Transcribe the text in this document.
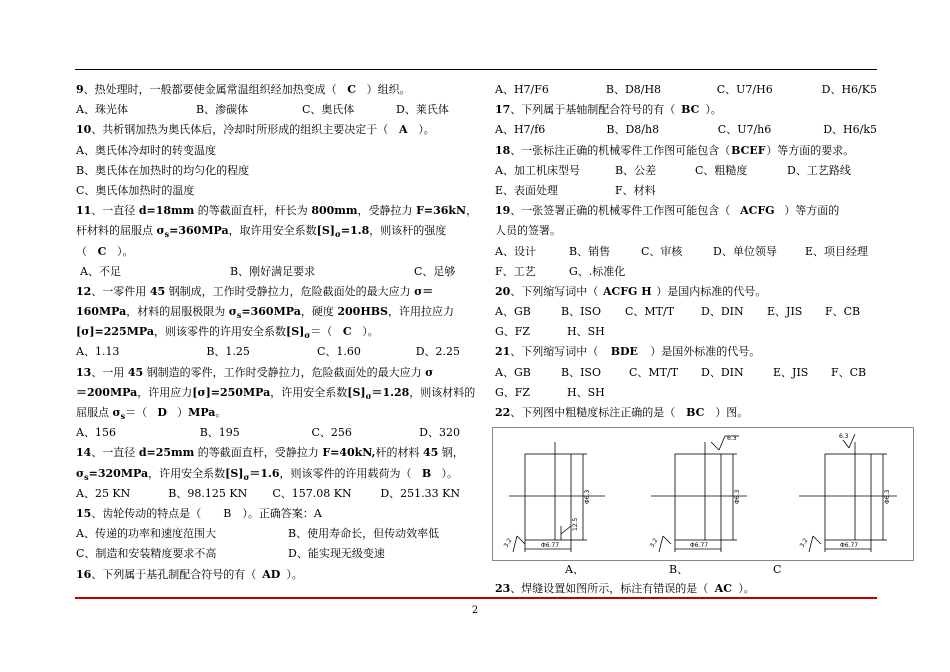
9、热处理时，一般都要使金属常温组织经加热变成（ C ）组织。
A、珠光体	B、渗碳体	C、奥氏体	D、莱氏体
10、共析钢加热为奥氏体后，冷却时所形成的组织主要决定于（ A ）。
A、奥氏体冷却时的转变温度
B、奥氏体在加热时的均匀化的程度
C、奥氏体加热时的温度
11、一直径 d=18mm 的等截面直杆，杆长为 800mm，受静拉力 F=36kN，
杆材料的屈服点 $\sigma_s=360MPa$，取许用安全系数$[S]_\sigma=1.8$，则该杆的强度
（ C ）。
A、不足	B、刚好满足要求	C、足够
12、一零件用 45 钢制成，工作时受静拉力，危险截面处的最大应力 σ＝
160MPa，材料的屈服极限为 $\sigma_s=360MPa$，硬度 200HBS，许用拉应力
[σ]=225MPa，则该零件的许用安全系数$[S]_\sigma=$（ C ）。
A、1.13	B、1.25	C、1.60	D、2.25
13、一用 45 钢制造的零件，工作时受静拉力，危险截面处的最大应力 σ
＝200MPa，许用应力[σ]=250MPa，许用安全系数$[S]_\sigma=1.28$，则该材料的
屈服点 $\sigma_s=$（ D ）MPa。
A、156	B、195	C、256	D、320
14、一直径 d=25mm 的等截面直杆，受静拉力 F=40kN,杆的材料 45 钢，
$\sigma_s=320MPa$，许用安全系数$[S]_\sigma=1.6$，则该零件的许用载荷为（ B ）。
A、25 KN	B、98.125 KN	C、157.08 KN	D、251.33 KN
15、齿轮传动的特点是（　　B　）。正确答案：A
A、传递的功率和速度范围大	B、使用寿命长，但传动效率低
C、制造和安装精度要求不高	D、能实现无级变速
16、下列属于基孔制配合符号的有（ AD ）。
A、H7/F6	B、D8/H8	C、U7/H6	D、H6/K5
17、下列属于基轴制配合符号的有（ BC ）。
A、H7/f6	B、D8/h8	C、U7/h6	D、H6/k5
18、一张标注正确的机械零件工作图可能包含（BCEF）等方面的要求。
A、加工机床型号	B、公差	C、粗糙度	D、工艺路线
E、表面处理	F、材料
19、一张签署正确的机械零件工作图可能包含（ ACFG ）等方面的
人员的签署。
A、设计	B、销售	C、审核	D、单位领导	E、项目经理
F、工艺	G、.标准化
20、下列缩写词中（ ACFG H ）是国内标准的代号。
A、GB	B、ISO	C、MT/T	D、DIN	E、JIS	F、CB
G、FZ	H、SH
21、下列缩写词中（ BDE ）是国外标准的代号。
A、GB	B、ISO	C、MT/T	D、DIN	E、JIS	F、CB
G、FZ	H、SH
22、下列图中粗糙度标注正确的是（ BC ）图。
Φ6.77
12.5
Φ6.3
3.2	Φ6.77
6.3
Φ6.3
3.2	Φ6.77
6.3
Φ6.3
3.2
A、	B、	C
23、焊缝设置如图所示，标注有错误的是（ AC ）。
2
